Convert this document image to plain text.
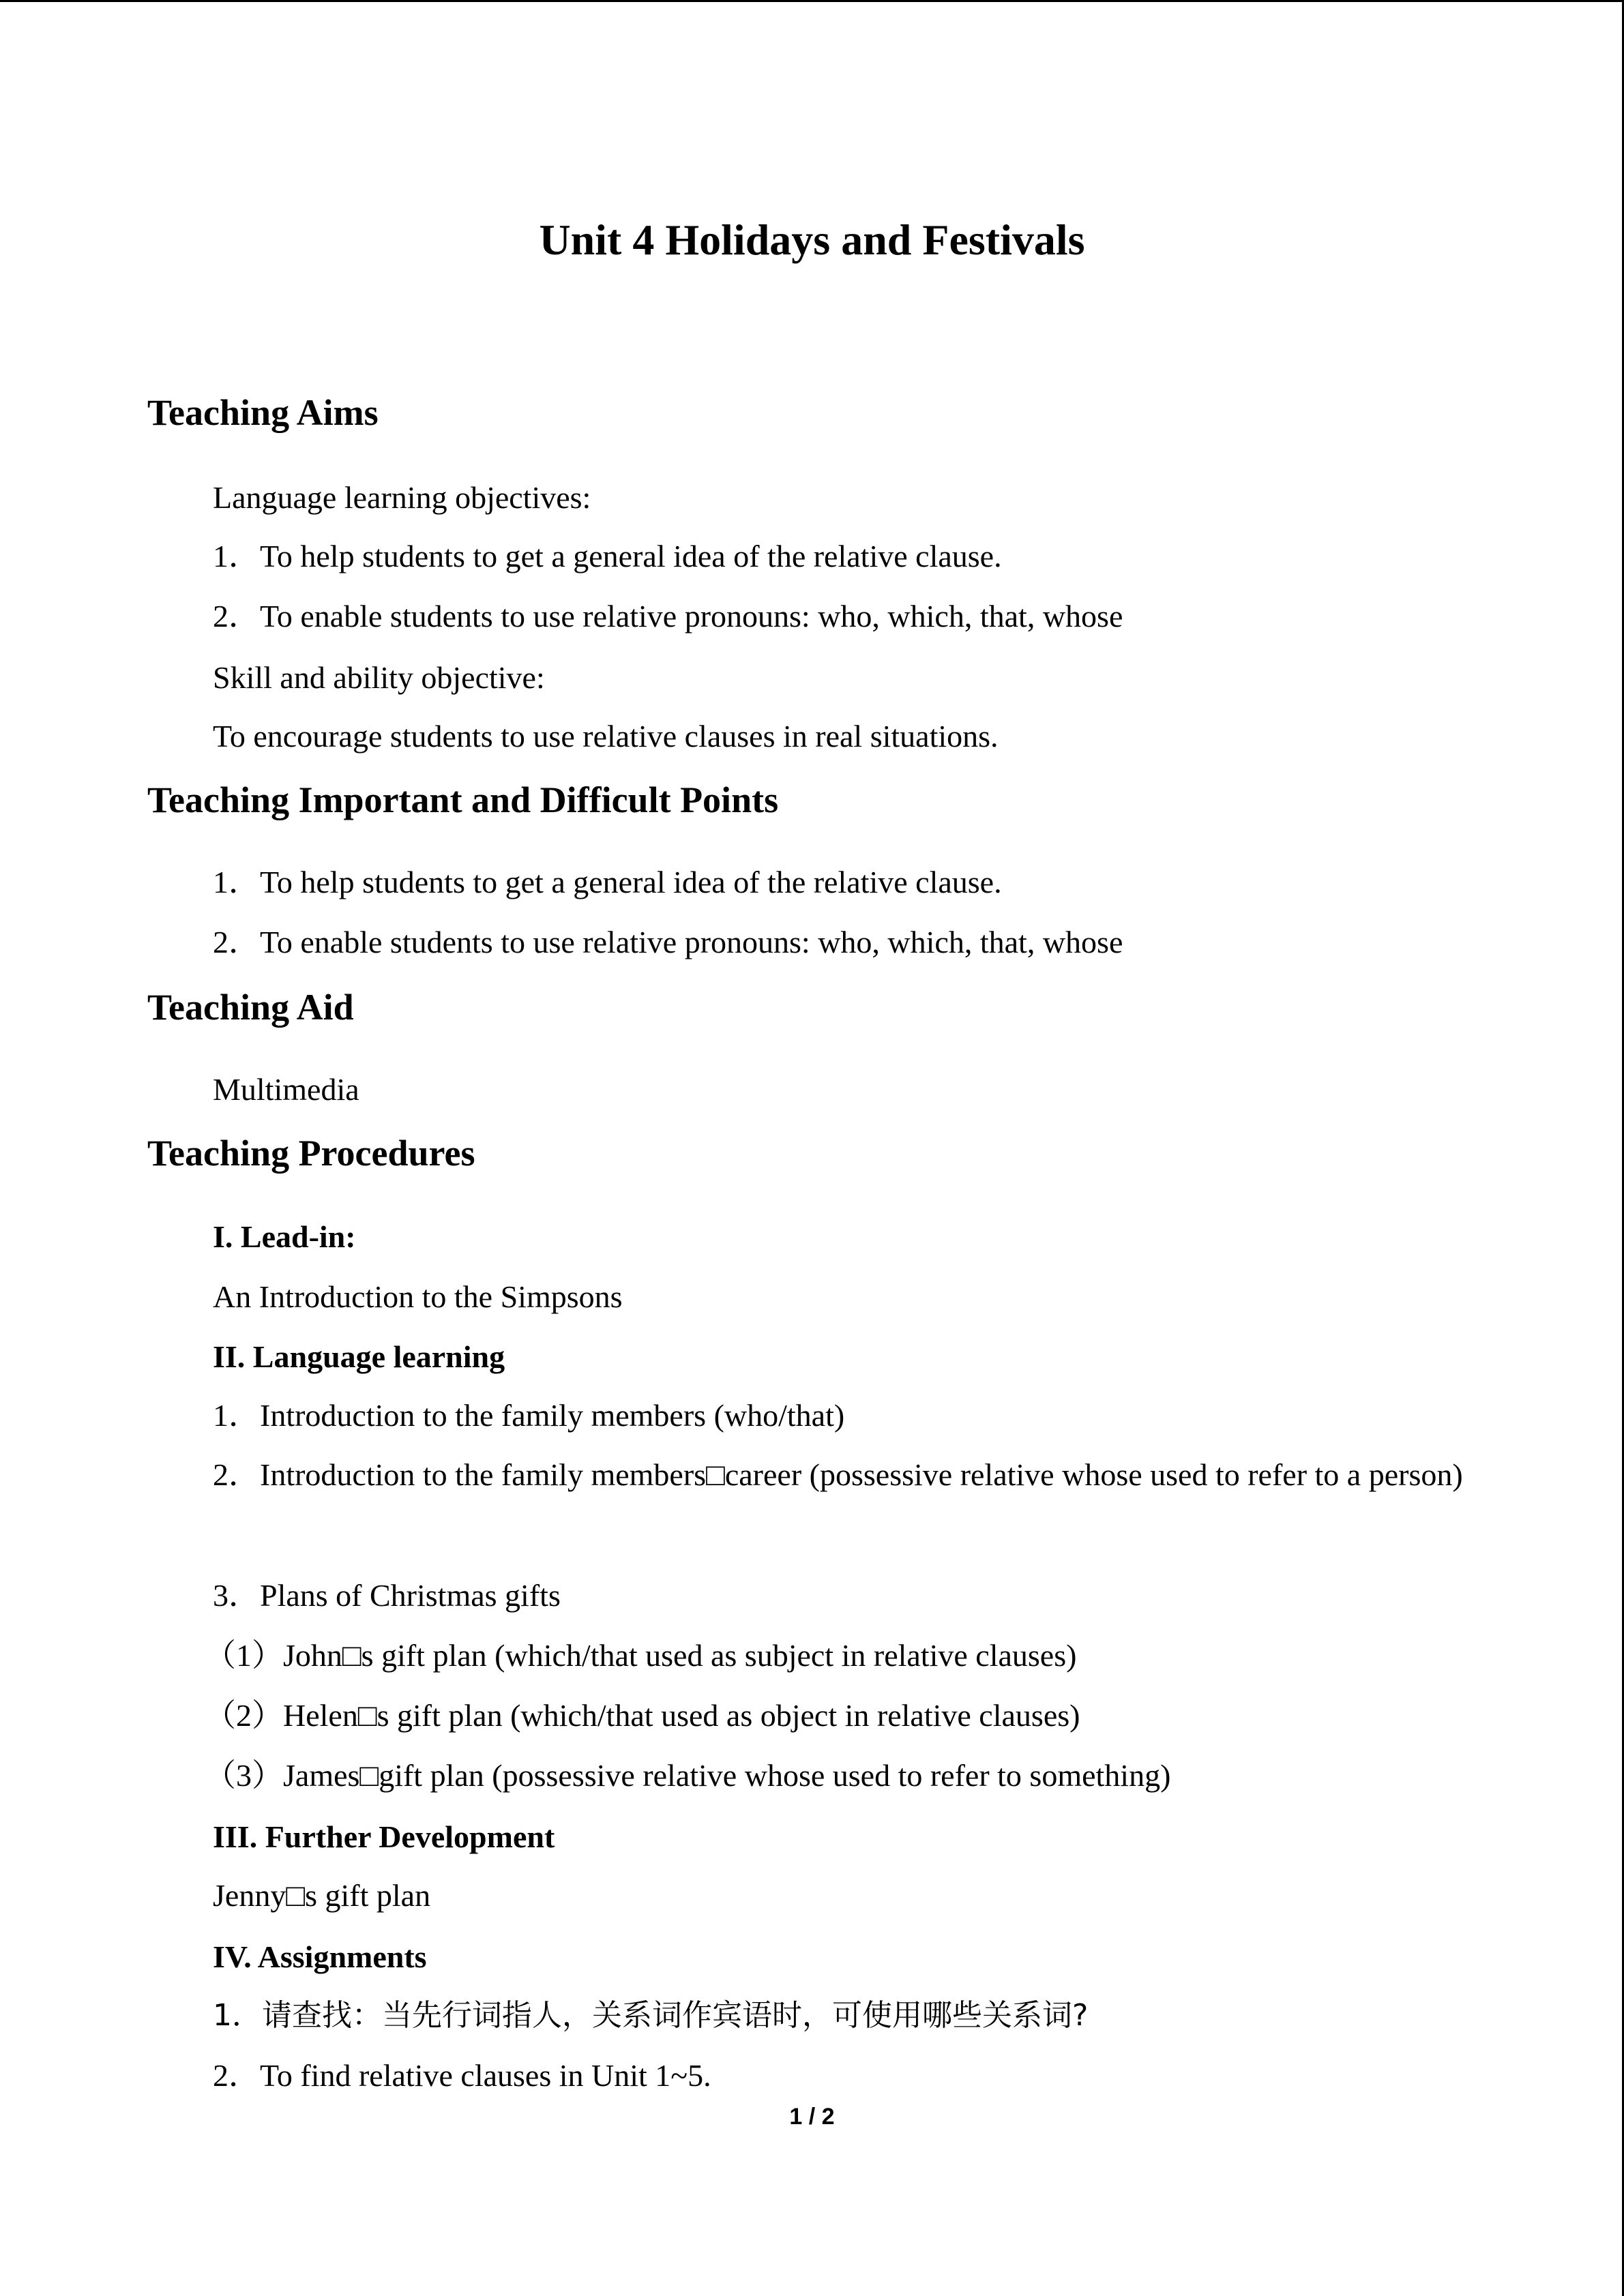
Unit 4 Holidays and Festivals
Teaching Aims

Language learning objectives:

1．To help students to get a general idea of the relative clause.

2．To enable students to use relative pronouns: who, which, that, whose

Skill and ability objective:

To encourage students to use relative clauses in real situations.

Teaching Important and Difficult Points

1．To help students to get a general idea of the relative clause.

2．To enable students to use relative pronouns: who, which, that, whose

Teaching Aid

Multimedia

Teaching Procedures

I. Lead-in:

An Introduction to the Simpsons

II. Language learning

1．Introduction to the family members (who/that)

2．Introduction to the family members□career (possessive relative whose used to refer to a person)

3．Plans of Christmas gifts

（1）John□s gift plan (which/that used as subject in relative clauses)

（2）Helen□s gift plan (which/that used as object in relative clauses)

（3）James□gift plan (possessive relative whose used to refer to something)

III. Further Development

Jenny□s gift plan

IV. Assignments

1．请查找：当先行词指人，关系词作宾语时，可使用哪些关系词?

2．To find relative clauses in Unit 1~5.

1 / 2
